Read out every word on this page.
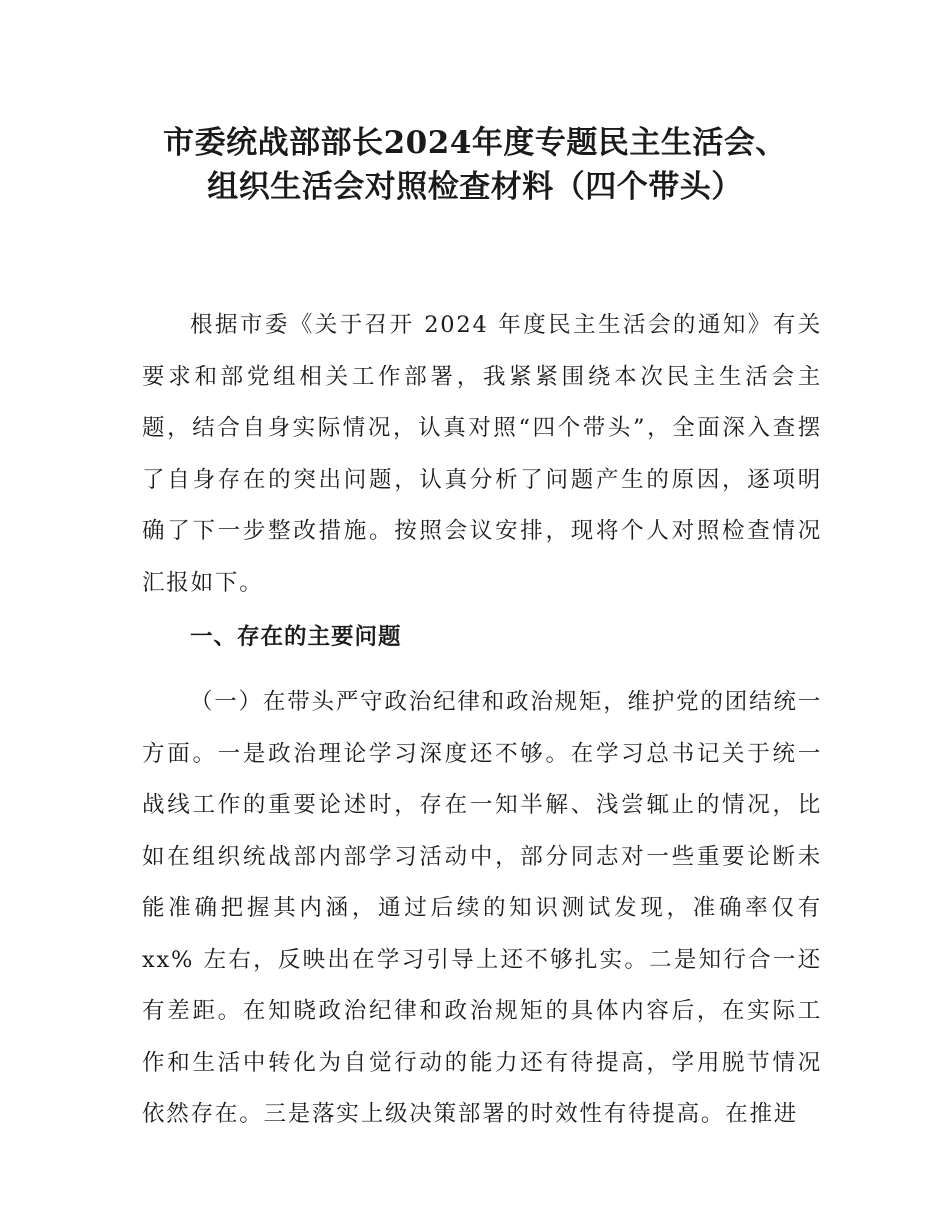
市委统战部部长2024年度专题民主生活会、
组织生活会对照检查材料（四个带头）
根据市委《关于召开 2024 年度民主生活会的通知》有关要求和部党组相关工作部署，我紧紧围绕本次民主生活会主题，结合自身实际情况，认真对照“四个带头”，全面深入查摆了自身存在的突出问题，认真分析了问题产生的原因，逐项明确了下一步整改措施。按照会议安排，现将个人对照检查情况汇报如下。
一、存在的主要问题
（一）在带头严守政治纪律和政治规矩，维护党的团结统一方面。一是政治理论学习深度还不够。在学习总书记关于统一战线工作的重要论述时，存在一知半解、浅尝辄止的情况，比如在组织统战部内部学习活动中，部分同志对一些重要论断未能准确把握其内涵，通过后续的知识测试发现，准确率仅有 xx% 左右，反映出在学习引导上还不够扎实。二是知行合一还有差距。在知晓政治纪律和政治规矩的具体内容后，在实际工作和生活中转化为自觉行动的能力还有待提高，学用脱节情况依然存在。三是落实上级决策部署的时效性有待提高。在推进
